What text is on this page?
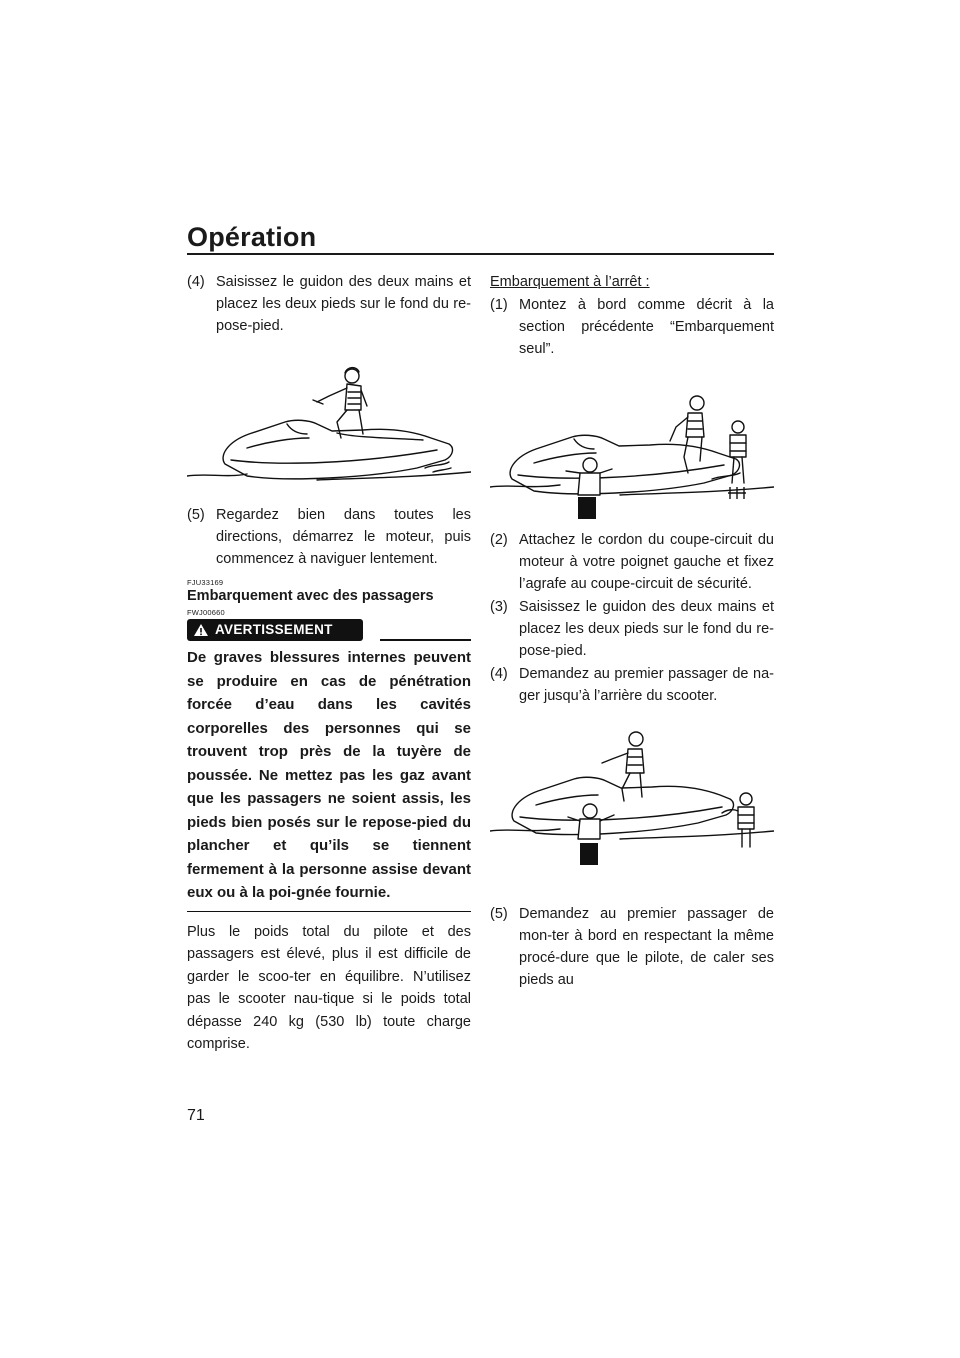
Opération
(4) Saisissez le guidon des deux mains et placez les deux pieds sur le fond du re-pose-pied.
(5) Regardez bien dans toutes les directions, démarrez le moteur, puis commencez à naviguer lentement.
FJU33169
Embarquement avec des passagers
FWJ00660
AVERTISSEMENT
De graves blessures internes peuvent se produire en cas de pénétration forcée d’eau dans les cavités corporelles des personnes qui se trouvent trop près de la tuyère de poussée. Ne mettez pas les gaz avant que les passagers ne soient assis, les pieds bien posés sur le repose-pied du plancher et qu’ils se tiennent fermement à la personne assise devant eux ou à la poi-gnée fournie.
Plus le poids total du pilote et des passagers est élevé, plus il est difficile de garder le scoo-ter en équilibre. N’utilisez pas le scooter nau-tique si le poids total dépasse 240 kg (530 lb) toute charge comprise.
Embarquement à l’arrêt :
(1) Montez à bord comme décrit à la section précédente “Embarquement seul”.
(2) Attachez le cordon du coupe-circuit du moteur à votre poignet gauche et fixez l’agrafe au coupe-circuit de sécurité.
(3) Saisissez le guidon des deux mains et placez les deux pieds sur le fond du re-pose-pied.
(4) Demandez au premier passager de na-ger jusqu’à l’arrière du scooter.
(5) Demandez au premier passager de mon-ter à bord en respectant la même procé-dure que le pilote, de caler ses pieds au
71
